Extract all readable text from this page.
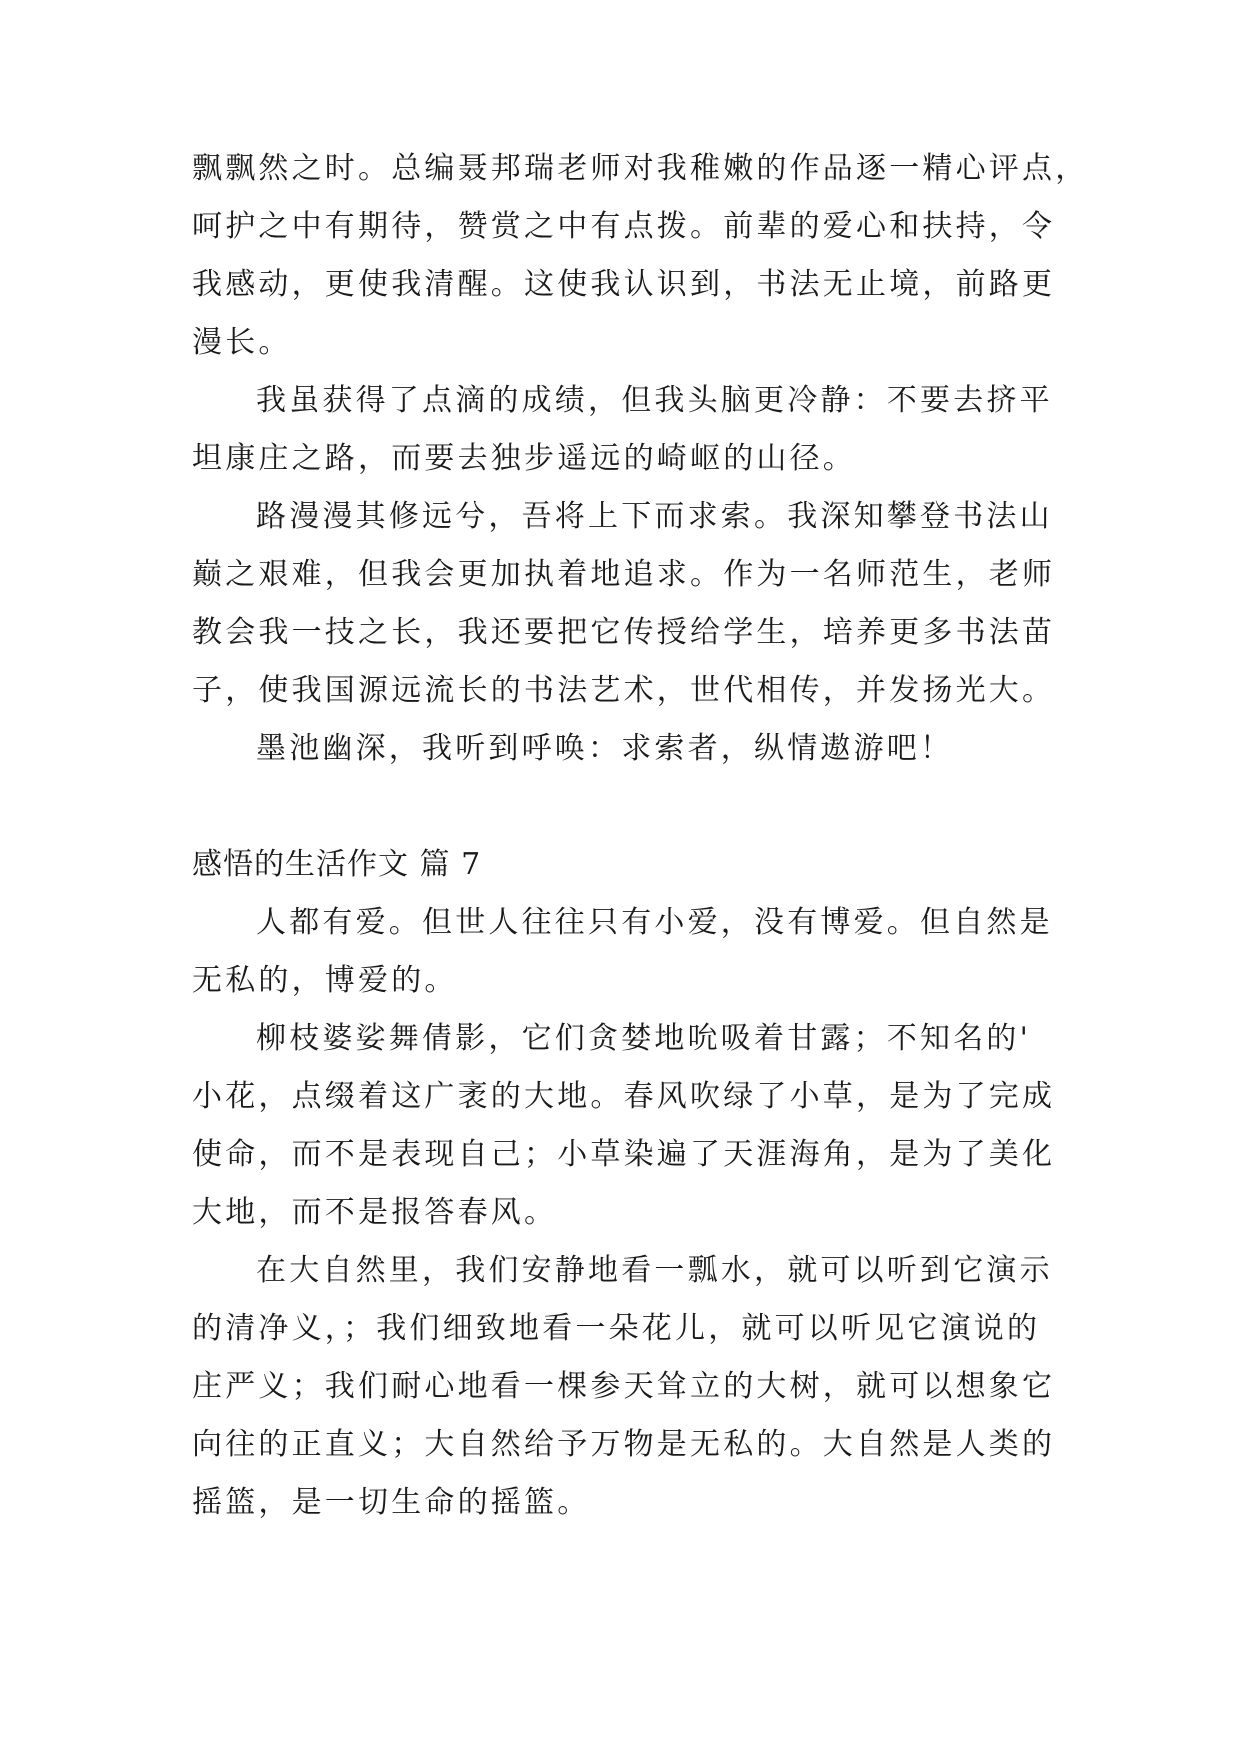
飘飘然之时。总编聂邦瑞老师对我稚嫩的作品逐一精心评点，
呵护之中有期待，赞赏之中有点拨。前辈的爱心和扶持，令
我感动，更使我清醒。这使我认识到，书法无止境，前路更
漫长。
我虽获得了点滴的成绩，但我头脑更冷静：不要去挤平
坦康庄之路，而要去独步遥远的崎岖的山径。
路漫漫其修远兮，吾将上下而求索。我深知攀登书法山
巅之艰难，但我会更加执着地追求。作为一名师范生，老师
教会我一技之长，我还要把它传授给学生，培养更多书法苗
子，使我国源远流长的书法艺术，世代相传，并发扬光大。
墨池幽深，我听到呼唤：求索者，纵情遨游吧！
感悟的生活作文 篇 7
人都有爱。但世人往往只有小爱，没有博爱。但自然是
无私的，博爱的。
柳枝婆娑舞倩影，它们贪婪地吮吸着甘露；不知名的'
小花，点缀着这广袤的大地。春风吹绿了小草，是为了完成
使命，而不是表现自己；小草染遍了天涯海角，是为了美化
大地，而不是报答春风。
在大自然里，我们安静地看一瓢水，就可以听到它演示
的清净义，；我们细致地看一朵花儿，就可以听见它演说的
庄严义；我们耐心地看一棵参天耸立的大树，就可以想象它
向往的正直义；大自然给予万物是无私的。大自然是人类的
摇篮，是一切生命的摇篮。
